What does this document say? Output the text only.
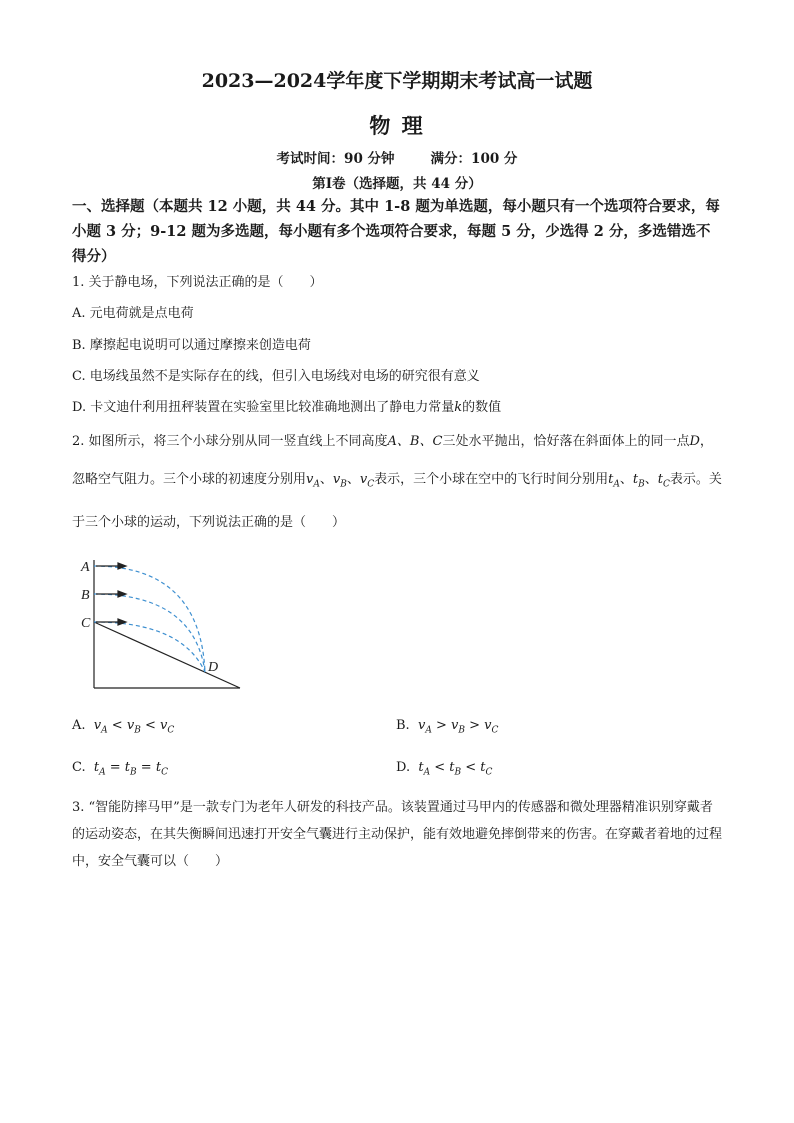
2023—2024学年度下学期期末考试高一试题
物 理
考试时间：90 分钟	满分：100 分
第Ⅰ卷（选择题，共 44 分）
一、选择题（本题共 12 小题，共 44 分。其中 1-8 题为单选题，每小题只有一个选项符合要求，每小题 3 分；9-12 题为多选题，每小题有多个选项符合要求，每题 5 分，少选得 2 分，多选错选不得分）
1. 关于静电场，下列说法正确的是（　　）
A. 元电荷就是点电荷
B. 摩擦起电说明可以通过摩擦来创造电荷
C. 电场线虽然不是实际存在的线，但引入电场线对电场的研究很有意义
D. 卡文迪什利用扭秤装置在实验室里比较准确地测出了静电力常量k的数值
2. 如图所示，将三个小球分别从同一竖直线上不同高度A、B、C三处水平抛出，恰好落在斜面体上的同一点D，忽略空气阻力。三个小球的初速度分别用$v_A$、$v_B$、$v_C$表示，三个小球在空中的飞行时间分别用$t_A$、$t_B$、$t_C$表示。关于三个小球的运动，下列说法正确的是（　　）
A
B
C
D
A. $v_A < v_B < v_C$	B. $v_A > v_B > v_C$
C. $t_A = t_B = t_C$	D. $t_A < t_B < t_C$
3. “智能防摔马甲”是一款专门为老年人研发的科技产品。该装置通过马甲内的传感器和微处理器精准识别穿戴者的运动姿态，在其失衡瞬间迅速打开安全气囊进行主动保护，能有效地避免摔倒带来的伤害。在穿戴者着地的过程中，安全气囊可以（　　）
